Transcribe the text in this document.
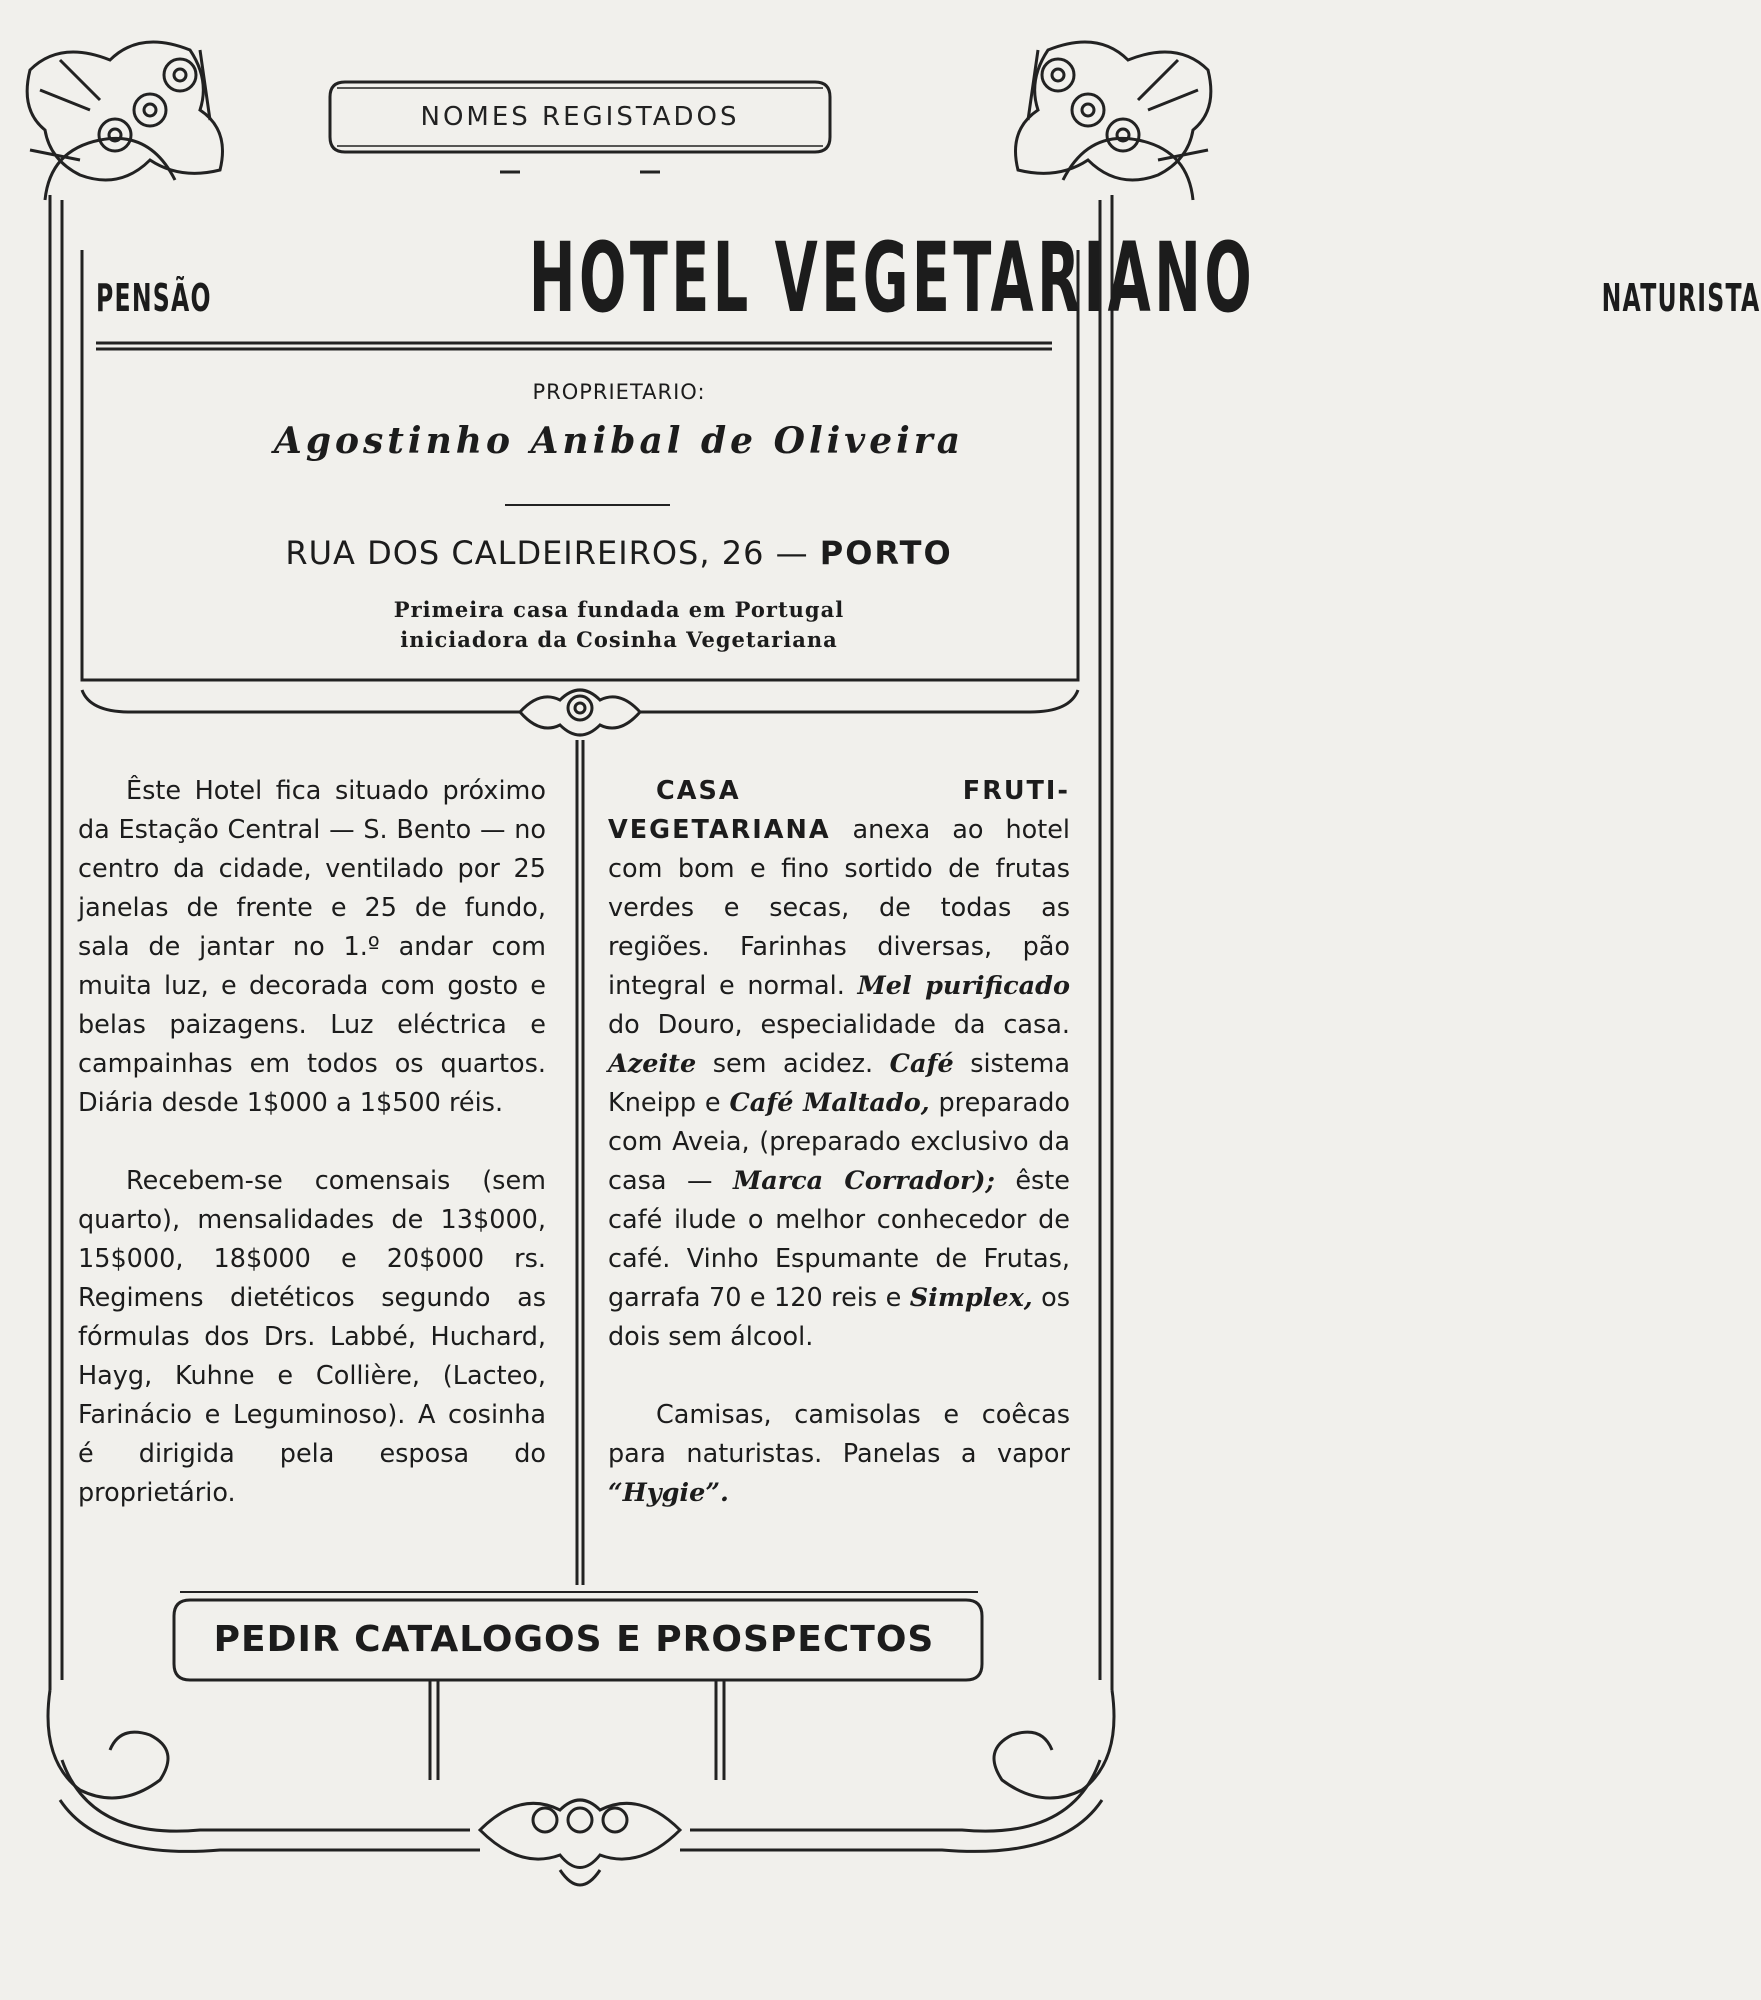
NOMES REGISTADOS
PENSÃO	HOTEL VEGETARIANO	NATURISTA
PROPRIETARIO:
Agostinho Anibal de Oliveira
RUA DOS CALDEIREIROS, 26 — PORTO
Primeira casa fundada em Portugal
iniciadora da Cosinha Vegetariana

Êste Hotel fica situado próximo da Estação Central — S. Bento — no centro da cidade, ventilado por 25 janelas de frente e 25 de fundo, sala de jantar no 1.º andar com muita luz, e decorada com gosto e belas paizagens. Luz eléctrica e campainhas em todos os quartos. Diária desde 1$000 a 1$500 réis.

Recebem-se comensais (sem quarto), mensalidades de 13$000, 15$000, 18$000 e 20$000 rs. Regimens dietéticos segundo as fórmulas dos Drs. Labbé, Huchard, Hayg, Kuhne e Collière, (Lacteo, Farinácio e Leguminoso). A cosinha é dirigida pela esposa do proprietário.

CASA FRUTI-VEGETARIANA anexa ao hotel com bom e fino sortido de frutas verdes e secas, de todas as regiões. Farinhas diversas, pão integral e normal. Mel purificado do Douro, especialidade da casa. Azeite sem acidez. Café sistema Kneipp e Café Maltado, preparado com Aveia, (preparado exclusivo da casa — Marca Corrador); êste café ilude o melhor conhecedor de café. Vinho Espumante de Frutas, garrafa 70 e 120 reis e Simplex, os dois sem álcool.

Camisas, camisolas e coêcas para naturistas. Panelas a vapor “Hygie”.

PEDIR CATALOGOS E PROSPECTOS
